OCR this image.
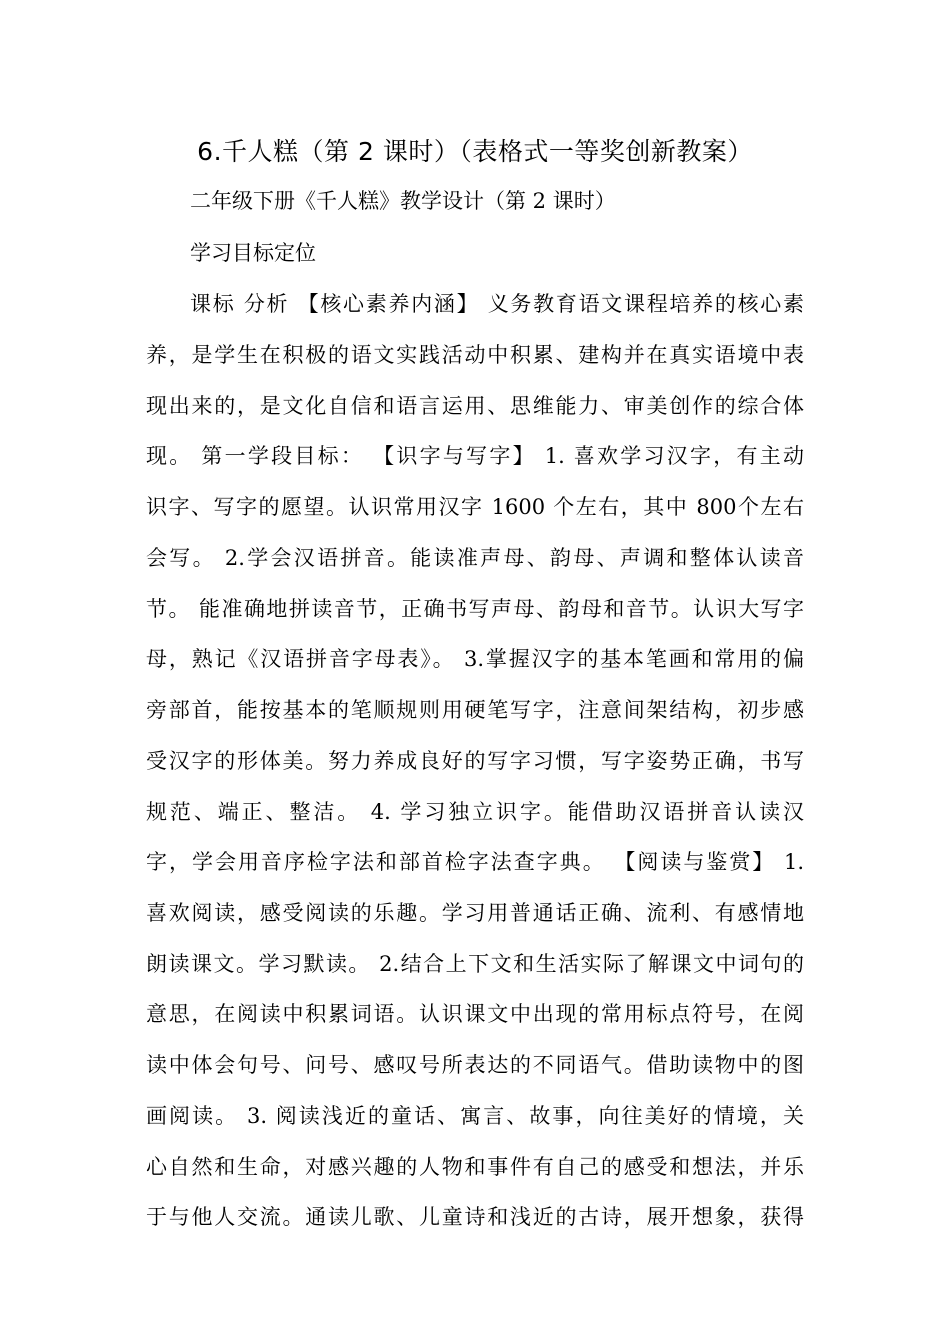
6.千人糕（第 2 课时）（表格式一等奖创新教案）
二年级下册《千人糕》教学设计（第 2 课时）
学习目标定位
课标 分析 【核心素养内涵】 义务教育语文课程培养的核心素
养，是学生在积极的语文实践活动中积累、建构并在真实语境中表
现出来的，是文化自信和语言运用、思维能力、审美创作的综合体
现。 第一学段目标： 【识字与写字】 1. 喜欢学习汉字，有主动
识字、写字的愿望。认识常用汉字 1600 个左右，其中 800个左右
会写。 2.学会汉语拼音。能读准声母、韵母、声调和整体认读音
节。 能准确地拼读音节，正确书写声母、韵母和音节。认识大写字
母，熟记《汉语拼音字母表》。 3.掌握汉字的基本笔画和常用的偏
旁部首，能按基本的笔顺规则用硬笔写字，注意间架结构，初步感
受汉字的形体美。努力养成良好的写字习惯，写字姿势正确，书写
规范、端正、整洁。 4. 学习独立识字。能借助汉语拼音认读汉
字，学会用音序检字法和部首检字法查字典。 【阅读与鉴赏】 1.
喜欢阅读，感受阅读的乐趣。学习用普通话正确、流利、有感情地
朗读课文。学习默读。 2.结合上下文和生活实际了解课文中词句的
意思，在阅读中积累词语。认识课文中出现的常用标点符号，在阅
读中体会句号、问号、感叹号所表达的不同语气。借助读物中的图
画阅读。 3. 阅读浅近的童话、寓言、故事，向往美好的情境，关
心自然和生命，对感兴趣的人物和事件有自己的感受和想法，并乐
于与他人交流。通读儿歌、儿童诗和浅近的古诗，展开想象，获得
